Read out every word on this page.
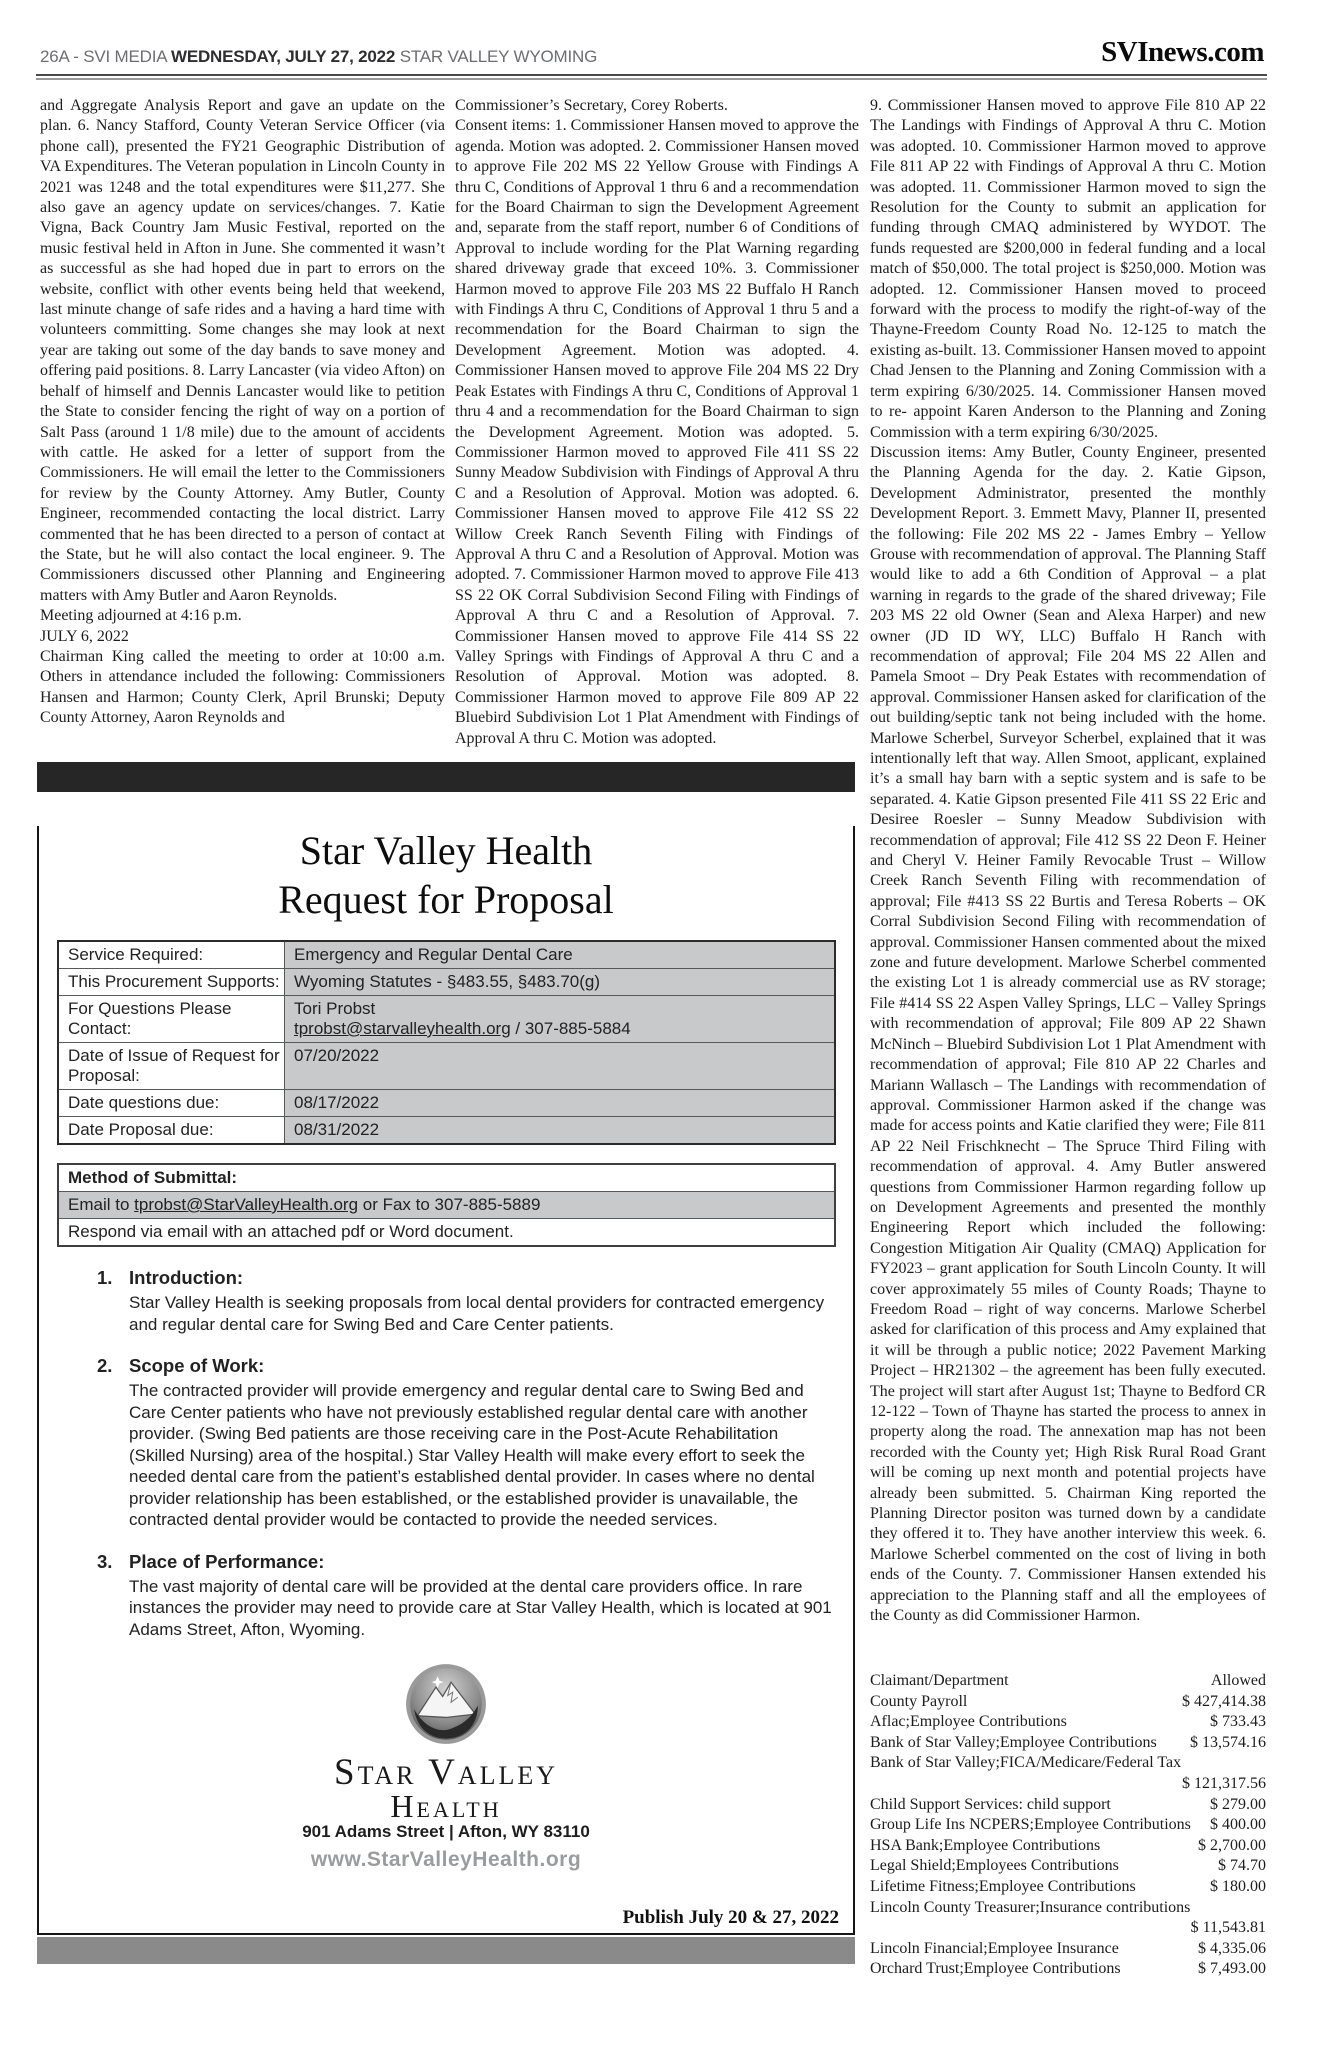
26A - SVI MEDIA WEDNESDAY, JULY 27, 2022 STAR VALLEY WYOMING	SVInews.com

and Aggregate Analysis Report and gave an update on the plan. 6. Nancy Stafford, County Veteran Service Officer (via phone call), presented the FY21 Geographic Distribution of VA Expenditures. The Veteran population in Lincoln County in 2021 was 1248 and the total expenditures were $11,277. She also gave an agency update on services/changes. 7. Katie Vigna, Back Country Jam Music Festival, reported on the music festival held in Afton in June. She commented it wasn’t as successful as she had hoped due in part to errors on the website, conflict with other events being held that weekend, last minute change of safe rides and a having a hard time with volunteers committing. Some changes she may look at next year are taking out some of the day bands to save money and offering paid positions. 8. Larry Lancaster (via video Afton) on behalf of himself and Dennis Lancaster would like to petition the State to consider fencing the right of way on a portion of Salt Pass (around 1 1/8 mile) due to the amount of accidents with cattle. He asked for a letter of support from the Commissioners. He will email the letter to the Commissioners for review by the County Attorney. Amy Butler, County Engineer, recommended contacting the local district. Larry commented that he has been directed to a person of contact at the State, but he will also contact the local engineer. 9. The Commissioners discussed other Planning and Engineering matters with Amy Butler and Aaron Reynolds.

Meeting adjourned at 4:16 p.m.

JULY 6, 2022

Chairman King called the meeting to order at 10:00 a.m. Others in attendance included the following: Commissioners Hansen and Harmon; County Clerk, April Brunski; Deputy County Attorney, Aaron Reynolds and

Commissioner’s Secretary, Corey Roberts.

Consent items: 1. Commissioner Hansen moved to approve the agenda. Motion was adopted. 2. Commissioner Hansen moved to approve File 202 MS 22 Yellow Grouse with Findings A thru C, Conditions of Approval 1 thru 6 and a recommendation for the Board Chairman to sign the Development Agreement and, separate from the staff report, number 6 of Conditions of Approval to include wording for the Plat Warning regarding shared driveway grade that exceed 10%. 3. Commissioner Harmon moved to approve File 203 MS 22 Buffalo H Ranch with Findings A thru C, Conditions of Approval 1 thru 5 and a recommendation for the Board Chairman to sign the Development Agreement. Motion was adopted. 4. Commissioner Hansen moved to approve File 204 MS 22 Dry Peak Estates with Findings A thru C, Conditions of Approval 1 thru 4 and a recommendation for the Board Chairman to sign the Development Agreement. Motion was adopted. 5. Commissioner Harmon moved to approved File 411 SS 22 Sunny Meadow Subdivision with Findings of Approval A thru C and a Resolution of Approval. Motion was adopted. 6. Commissioner Hansen moved to approve File 412 SS 22 Willow Creek Ranch Seventh Filing with Findings of Approval A thru C and a Resolution of Approval. Motion was adopted. 7. Commissioner Harmon moved to approve File 413 SS 22 OK Corral Subdivision Second Filing with Findings of Approval A thru C and a Resolution of Approval. 7. Commissioner Hansen moved to approve File 414 SS 22 Valley Springs with Findings of Approval A thru C and a Resolution of Approval. Motion was adopted. 8. Commissioner Harmon moved to approve File 809 AP 22 Bluebird Subdivision Lot 1 Plat Amendment with Findings of Approval A thru C. Motion was adopted.

9. Commissioner Hansen moved to approve File 810 AP 22 The Landings with Findings of Approval A thru C. Motion was adopted. 10. Commissioner Harmon moved to approve File 811 AP 22 with Findings of Approval A thru C. Motion was adopted. 11. Commissioner Harmon moved to sign the Resolution for the County to submit an application for funding through CMAQ administered by WYDOT. The funds requested are $200,000 in federal funding and a local match of $50,000. The total project is $250,000. Motion was adopted. 12. Commissioner Hansen moved to proceed forward with the process to modify the right-of-way of the Thayne-Freedom County Road No. 12-125 to match the existing as-built. 13. Commissioner Hansen moved to appoint Chad Jensen to the Planning and Zoning Commission with a term expiring 6/30/2025. 14. Commissioner Hansen moved to re- appoint Karen Anderson to the Planning and Zoning Commission with a term expiring 6/30/2025.

Discussion items: Amy Butler, County Engineer, presented the Planning Agenda for the day. 2. Katie Gipson, Development Administrator, presented the monthly Development Report. 3. Emmett Mavy, Planner II, presented the following: File 202 MS 22 - James Embry – Yellow Grouse with recommendation of approval. The Planning Staff would like to add a 6th Condition of Approval – a plat warning in regards to the grade of the shared driveway; File 203 MS 22 old Owner (Sean and Alexa Harper) and new owner (JD ID WY, LLC) Buffalo H Ranch with recommendation of approval; File 204 MS 22 Allen and Pamela Smoot – Dry Peak Estates with recommendation of approval. Commissioner Hansen asked for clarification of the out building/septic tank not being included with the home. Marlowe Scherbel, Surveyor Scherbel, explained that it was intentionally left that way. Allen Smoot, applicant, explained it’s a small hay barn with a septic system and is safe to be separated. 4. Katie Gipson presented File 411 SS 22 Eric and Desiree Roesler – Sunny Meadow Subdivision with recommendation of approval; File 412 SS 22 Deon F. Heiner and Cheryl V. Heiner Family Revocable Trust – Willow Creek Ranch Seventh Filing with recommendation of approval; File #413 SS 22 Burtis and Teresa Roberts – OK Corral Subdivision Second Filing with recommendation of approval. Commissioner Hansen commented about the mixed zone and future development. Marlowe Scherbel commented the existing Lot 1 is already commercial use as RV storage; File #414 SS 22 Aspen Valley Springs, LLC – Valley Springs with recommendation of approval; File 809 AP 22 Shawn McNinch – Bluebird Subdivision Lot 1 Plat Amendment with recommendation of approval; File 810 AP 22 Charles and Mariann Wallasch – The Landings with recommendation of approval. Commissioner Harmon asked if the change was made for access points and Katie clarified they were; File 811 AP 22 Neil Frischknecht – The Spruce Third Filing with recommendation of approval. 4. Amy Butler answered questions from Commissioner Harmon regarding follow up on Development Agreements and presented the monthly Engineering Report which included the following: Congestion Mitigation Air Quality (CMAQ) Application for FY2023 – grant application for South Lincoln County. It will cover approximately 55 miles of County Roads; Thayne to Freedom Road – right of way concerns. Marlowe Scherbel asked for clarification of this process and Amy explained that it will be through a public notice; 2022 Pavement Marking Project – HR21302 – the agreement has been fully executed. The project will start after August 1st; Thayne to Bedford CR 12-122 – Town of Thayne has started the process to annex in property along the road. The annexation map has not been recorded with the County yet; High Risk Rural Road Grant will be coming up next month and potential projects have already been submitted. 5. Chairman King reported the Planning Director positon was turned down by a candidate they offered it to. They have another interview this week. 6. Marlowe Scherbel commented on the cost of living in both ends of the County. 7. Commissioner Hansen extended his appreciation to the Planning staff and all the employees of the County as did Commissioner Harmon.

Claimant/Department	Allowed
County Payroll	$ 427,414.38
Aflac;Employee Contributions	$ 733.43
Bank of Star Valley;Employee Contributions $ 13,574.16
Bank of Star Valley;FICA/Medicare/Federal Tax
$ 121,317.56
Child Support Services: child support	$ 279.00
Group Life Ins NCPERS;Employee Contributions $ 400.00
HSA Bank;Employee Contributions	$ 2,700.00
Legal Shield;Employees Contributions	$ 74.70
Lifetime Fitness;Employee Contributions	$ 180.00
Lincoln County Treasurer;Insurance contributions
$ 11,543.81
Lincoln Financial;Employee Insurance	$ 4,335.06
Orchard Trust;Employee Contributions	$ 7,493.00
Star Valley Health
Request for Proposal
Service Required:	Emergency and Regular Dental Care
This Procurement Supports: Wyoming Statutes - §483.55, §483.70(g)
For Questions Please Contact:
Tori Probst
tprobst@starvalleyhealth.org / 307-885-5884
Date of Issue of Request for Proposal:
07/20/2022
Date questions due:	08/17/2022
Date Proposal due:	08/31/2022
Method of Submittal:
Email to tprobst@StarValleyHealth.org or Fax to 307-885-5889
Respond via email with an attached pdf or Word document.
1. Introduction:
Star Valley Health is seeking proposals from local dental providers for contracted emergency and regular dental care for Swing Bed and Care Center patients.
2. Scope of Work:
The contracted provider will provide emergency and regular dental care to Swing Bed and Care Center patients who have not previously established regular dental care with another provider. (Swing Bed patients are those receiving care in the Post-Acute Rehabilitation (Skilled Nursing) area of the hospital.) Star Valley Health will make every effort to seek the needed dental care from the patient’s established dental provider. In cases where no dental provider relationship has been established, or the established provider is unavailable, the contracted dental provider would be contacted to provide the needed services.
3. Place of Performance:
The vast majority of dental care will be provided at the dental care providers office. In rare instances the provider may need to provide care at Star Valley Health, which is located at 901 Adams Street, Afton, Wyoming.
Star Valley
Health
901 Adams Street | Afton, WY 83110
www.StarValleyHealth.org
Publish July 20 & 27, 2022
